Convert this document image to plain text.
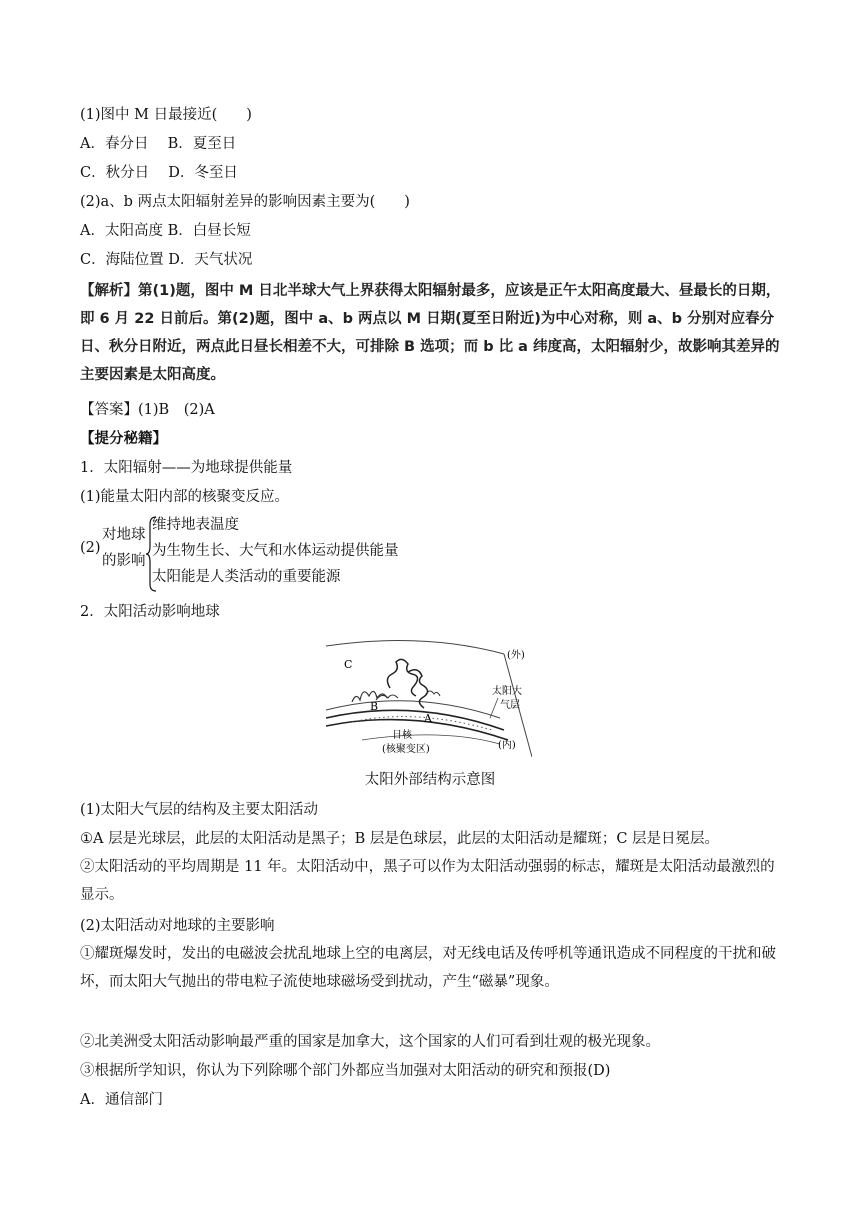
(1)图中 M 日最接近(　　)
A．春分日　 B．夏至日
C．秋分日　 D．冬至日
(2)a、b 两点太阳辐射差异的影响因素主要为(　　)
A．太阳高度 B．白昼长短
C．海陆位置 D．天气状况
【解析】第(1)题，图中 M 日北半球大气上界获得太阳辐射最多，应该是正午太阳高度最大、昼最长的日期，即 6 月 22 日前后。第(2)题，图中 a、b 两点以 M 日期(夏至日附近)为中心对称，则 a、b 分别对应春分日、秋分日附近，两点此日昼长相差不大，可排除 B 选项；而 b 比 a 纬度高，太阳辐射少，故影响其差异的主要因素是太阳高度。
【答案】(1)B　(2)A
【提分秘籍】
1．太阳辐射——为地球提供能量
(1)能量太阳内部的核聚变反应。
(2)
对地球
的影响
维持地表温度
为生物生长、大气和水体运动提供能量
太阳能是人类活动的重要能源
2．太阳活动影响地球
(外)
太阳大
气层
C
B
A
日核
(核聚变区)	(内)
太阳外部结构示意图
(1)太阳大气层的结构及主要太阳活动
①A 层是光球层，此层的太阳活动是黑子；B 层是色球层，此层的太阳活动是耀斑；C 层是日冕层。
②太阳活动的平均周期是 11 年。太阳活动中，黑子可以作为太阳活动强弱的标志，耀斑是太阳活动最激烈的显示。
(2)太阳活动对地球的主要影响
①耀斑爆发时，发出的电磁波会扰乱地球上空的电离层，对无线电话及传呼机等通讯造成不同程度的干扰和破坏，而太阳大气抛出的带电粒子流使地球磁场受到扰动，产生“磁暴”现象。
②北美洲受太阳活动影响最严重的国家是加拿大，这个国家的人们可看到壮观的极光现象。
③根据所学知识，你认为下列除哪个部门外都应当加强对太阳活动的研究和预报(D)
A．通信部门
